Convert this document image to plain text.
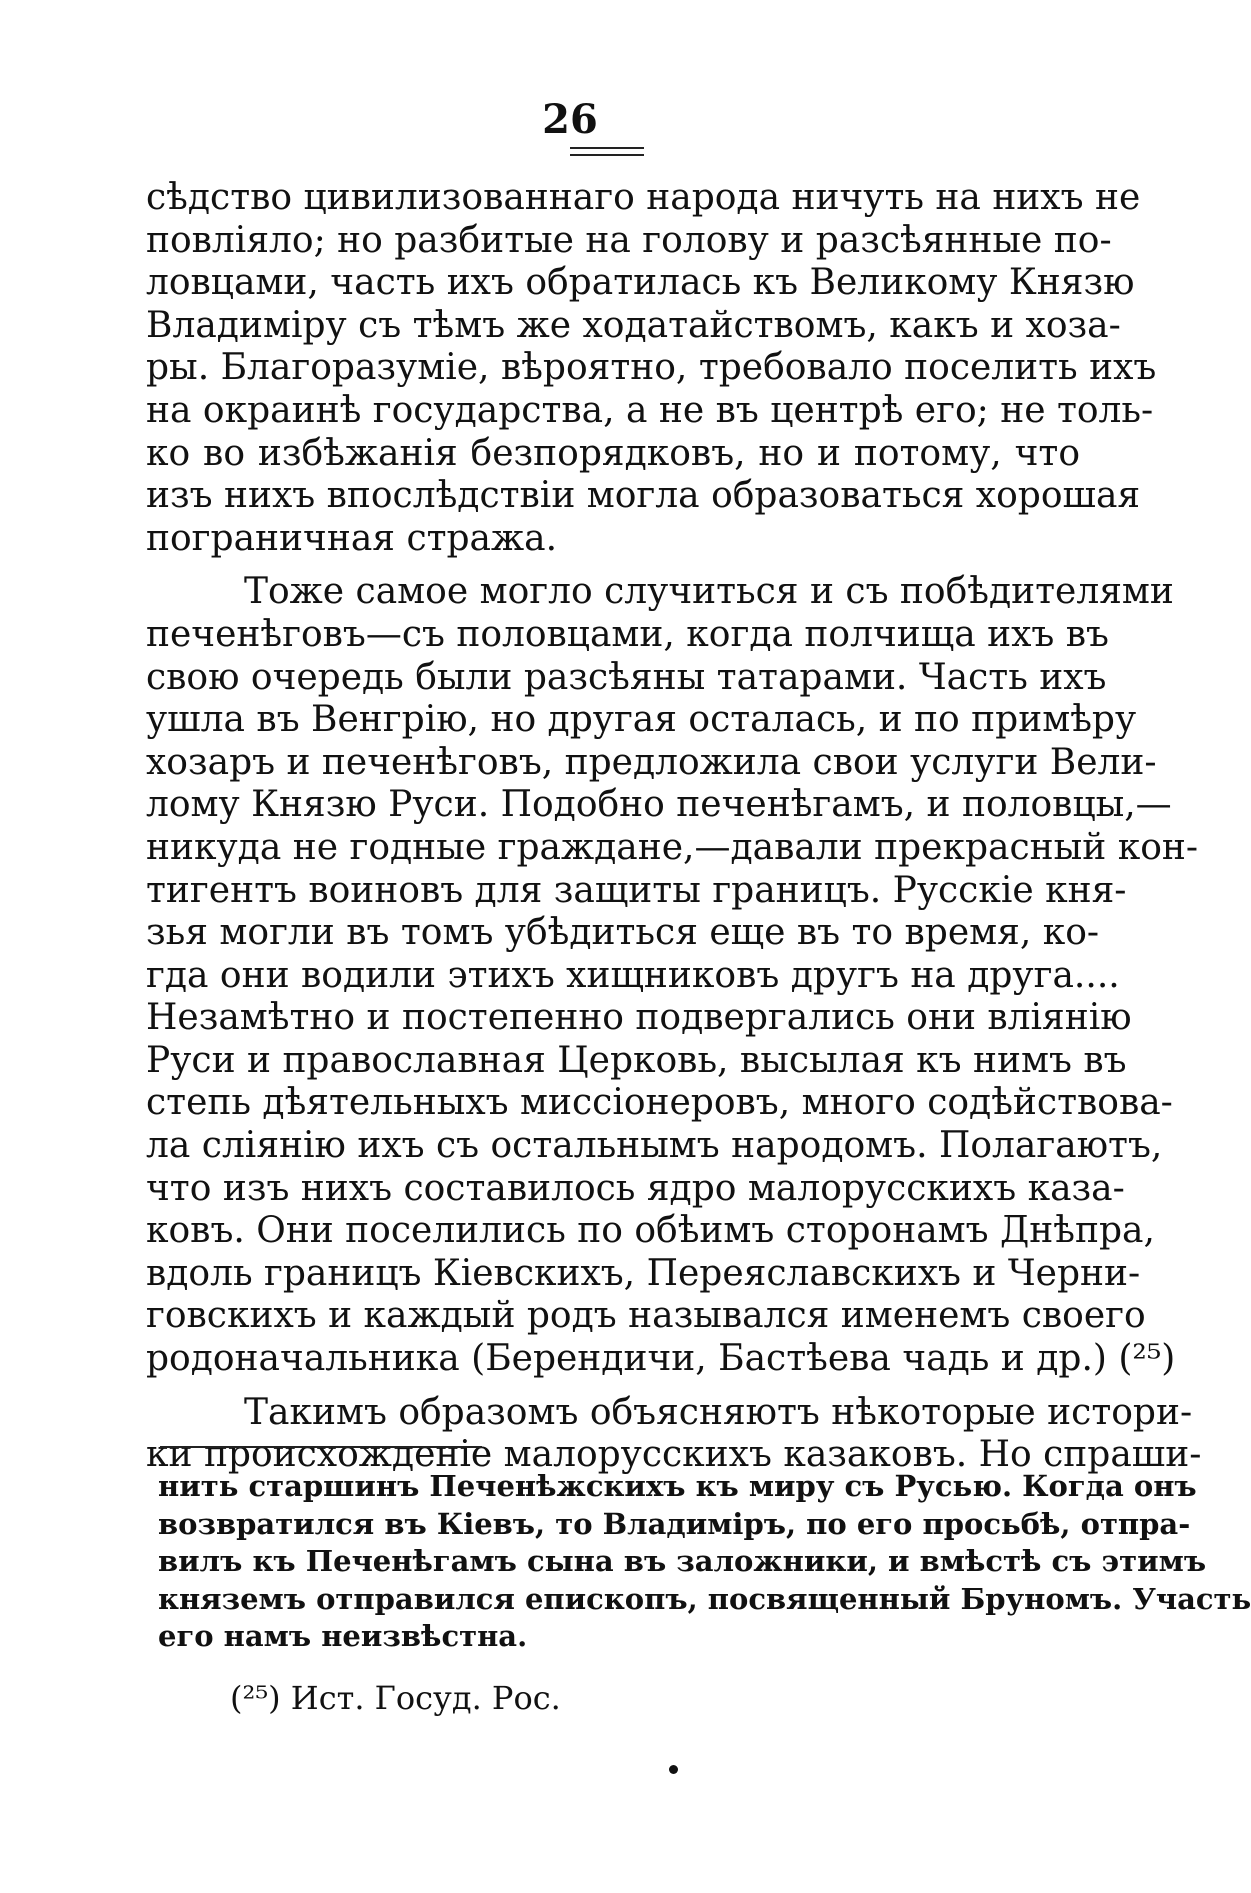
26
сѣдство цивилизованнаго народа ничуть на нихъ не
повліяло; но разбитые на голову и разсѣянные по-
ловцами, часть ихъ обратилась къ Великому Князю
Владиміру съ тѣмъ же ходатайствомъ, какъ и хоза-
ры. Благоразуміе, вѣроятно, требовало поселить ихъ
на окраинѣ государства, а не въ центрѣ его; не толь-
ко во избѣжанія безпорядковъ, но и потому, что
изъ нихъ впослѣдствіи могла образоваться хорошая
пограничная стража.
Тоже самое могло случиться и съ побѣдителями
печенѣговъ—съ половцами, когда полчища ихъ въ
свою очередь были разсѣяны татарами. Часть ихъ
ушла въ Венгрію, но другая осталась, и по примѣру
хозаръ и печенѣговъ, предложила свои услуги Вели-
лому Князю Руси. Подобно печенѣгамъ, и половцы,—
никуда не годные граждане,—давали прекрасный кон-
тигентъ воиновъ для защиты границъ. Русскіе кня-
зья могли въ томъ убѣдиться еще въ то время, ко-
гда они водили этихъ хищниковъ другъ на друга....
Незамѣтно и постепенно подвергались они вліянію
Руси и православная Церковь, высылая къ нимъ въ
степь дѣятельныхъ миссіонеровъ, много содѣйствова-
ла сліянію ихъ съ остальнымъ народомъ. Полагаютъ,
что изъ нихъ составилось ядро малорусскихъ каза-
ковъ. Они поселились по обѣимъ сторонамъ Днѣпра,
вдоль границъ Кіевскихъ, Переяславскихъ и Черни-
говскихъ и каждый родъ назывался именемъ своего
родоначальника (Берендичи, Бастѣева чадь и др.) (²⁵)
Такимъ образомъ объясняютъ нѣкоторые истори-
ки происхожденіе малорусскихъ казаковъ. Но спраши-
нить старшинъ Печенѣжскихъ къ миру съ Русью. Когда онъ
возвратился въ Кіевъ, то Владиміръ, по его просьбѣ, отпра-
вилъ къ Печенѣгамъ сына въ заложники, и вмѣстѣ съ этимъ
княземъ отправился епископъ, посвященный Бруномъ. Участь
его намъ неизвѣстна.
(²⁵) Ист. Госуд. Рос.
